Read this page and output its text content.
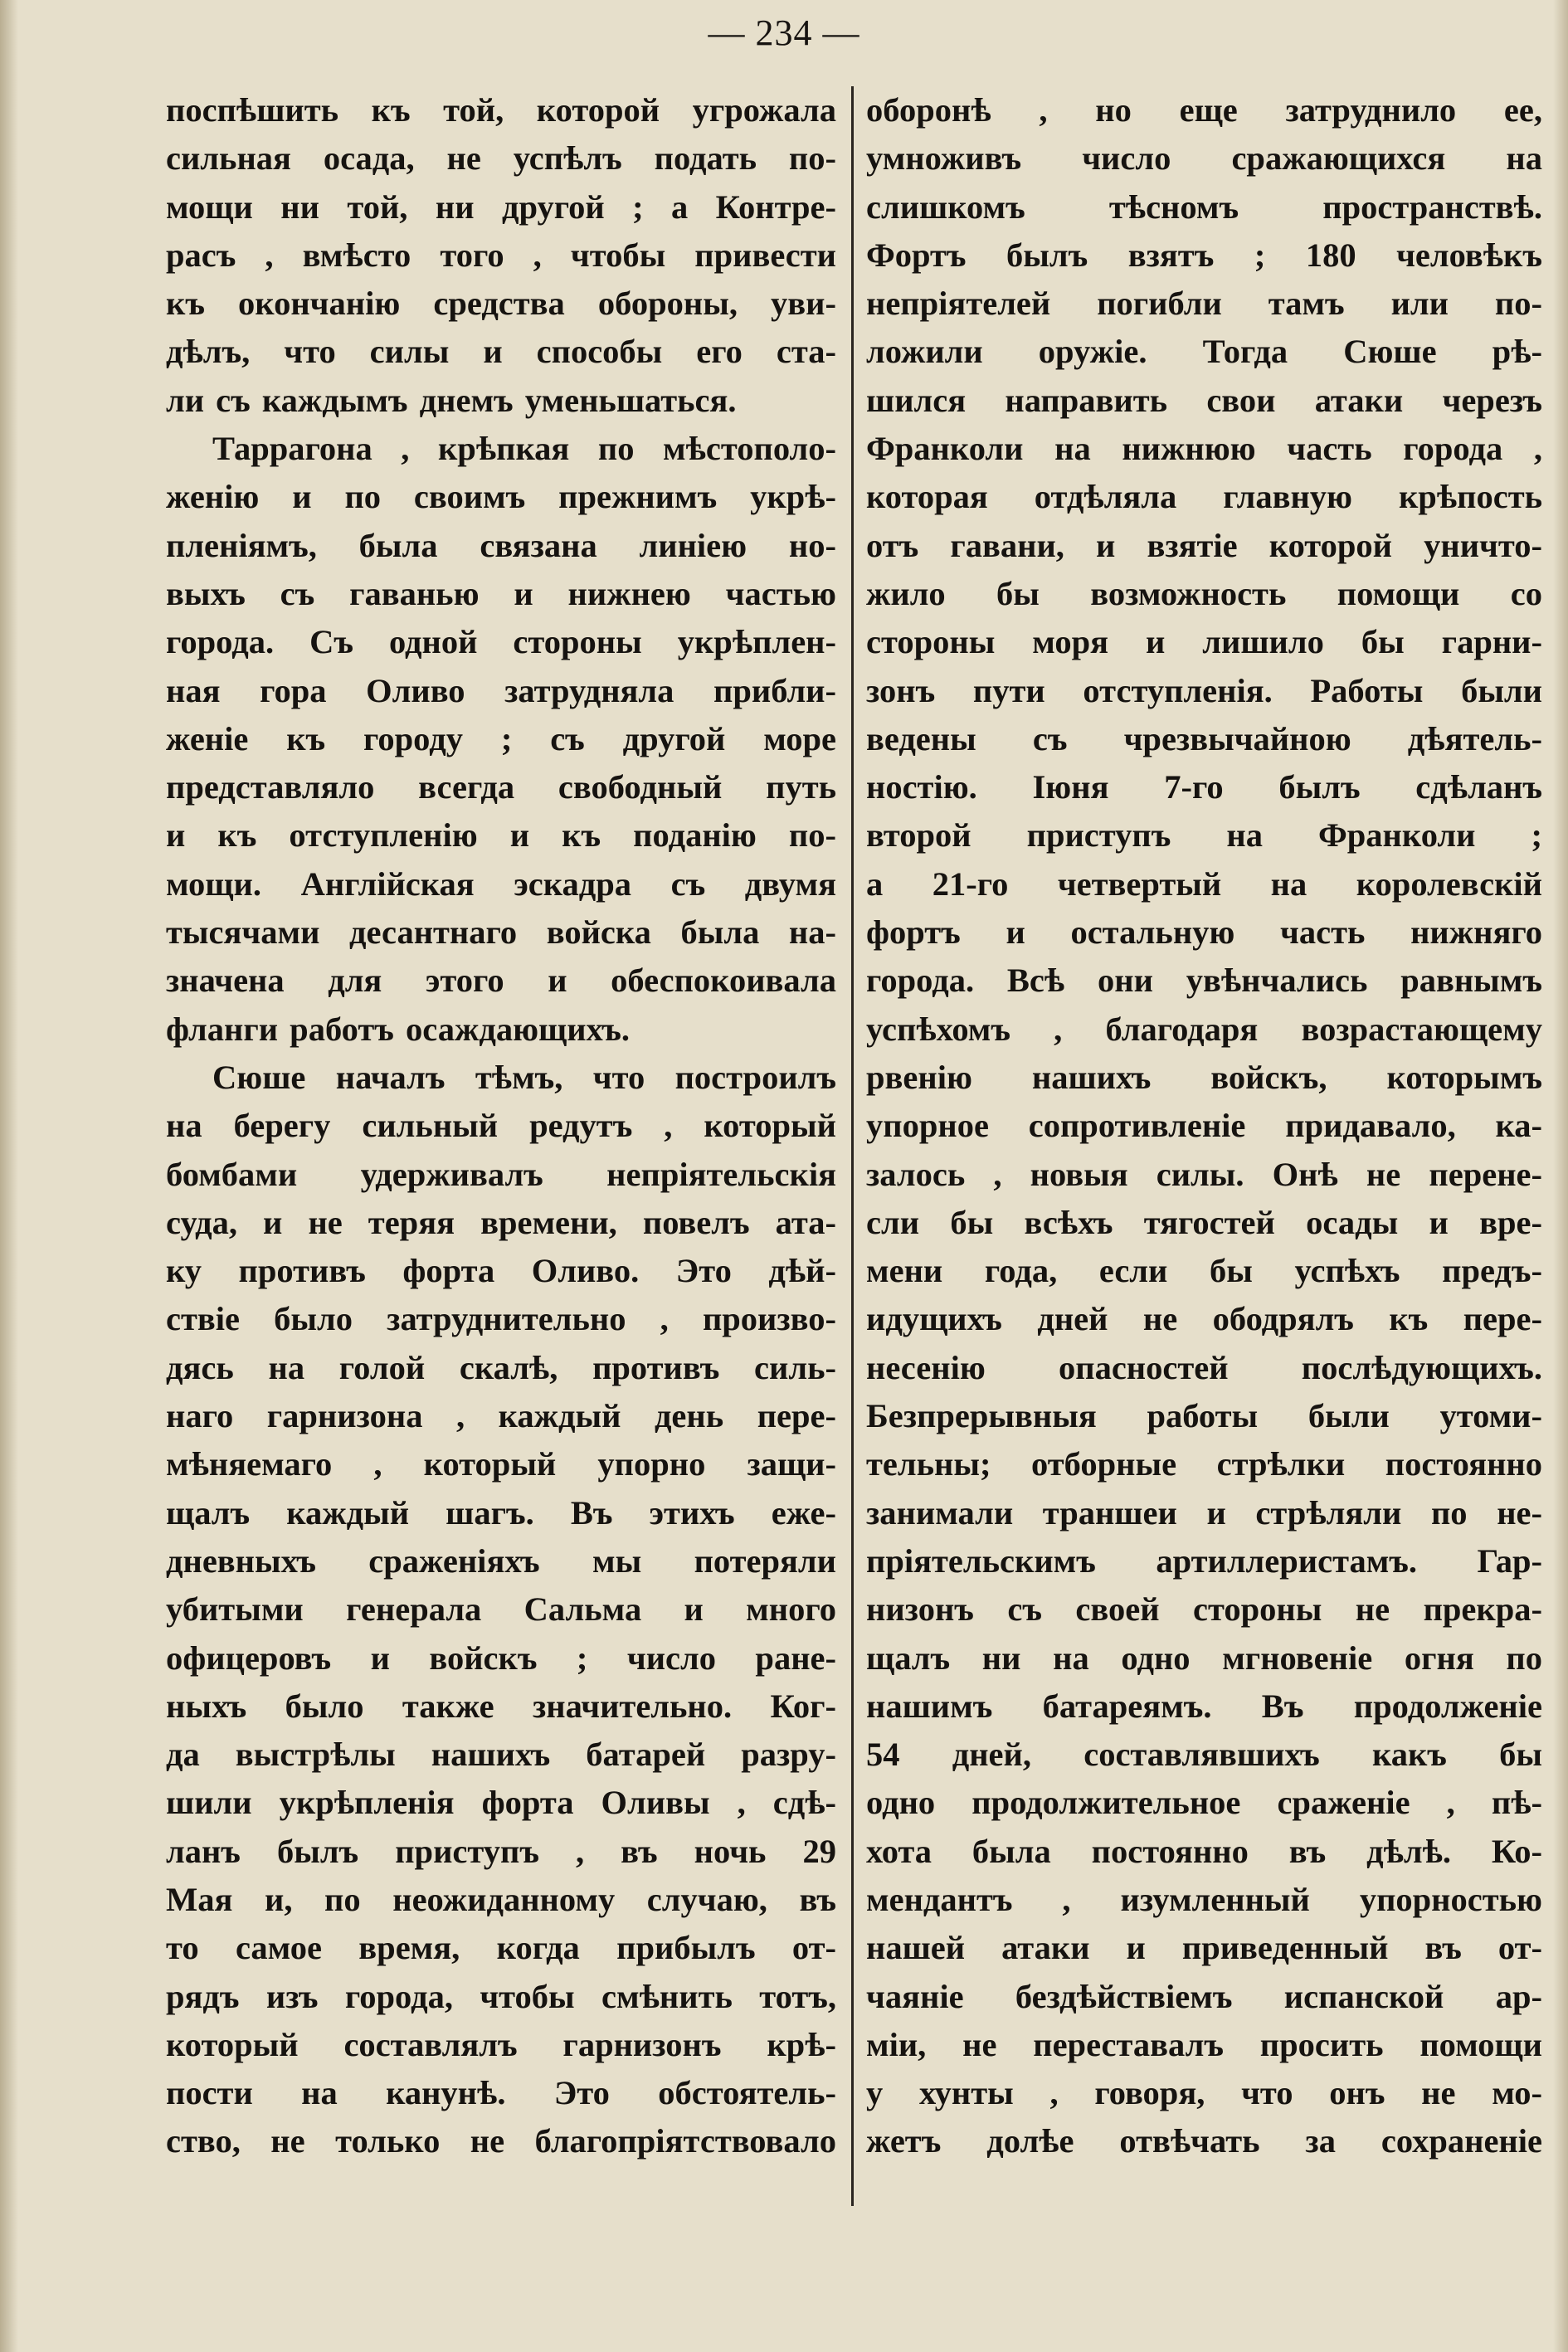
— 234 —
поспѣшить къ той, которой угрожала
сильная осада, не успѣлъ подать по-
мощи ни той, ни другой ; а Контре-
расъ , вмѣсто того , чтобы привести
къ окончанію средства обороны, уви-
дѣлъ, что силы и способы его ста-
ли съ каждымъ днемъ уменьшаться.
Таррагона , крѣпкая по мѣстополо-
женію и по своимъ прежнимъ укрѣ-
пленіямъ, была связана линіею но-
выхъ съ гаванью и нижнею частью
города. Съ одной стороны укрѣплен-
ная гора Оливо затрудняла прибли-
женіе къ городу ; съ другой море
представляло всегда свободный путь
и къ отступленію и къ поданію по-
мощи. Англійская эскадра съ двумя
тысячами десантнаго войска была на-
значена для этого и обеспокоивала
фланги работъ осаждающихъ.
Сюше началъ тѣмъ, что построилъ
на берегу сильный редутъ , который
бомбами удерживалъ непріятельскія
суда, и не теряя времени, повелъ ата-
ку противъ форта Оливо. Это дѣй-
ствіе было затруднительно , произво-
дясь на голой скалѣ, противъ силь-
наго гарнизона , каждый день пере-
мѣняемаго , который упорно защи-
щалъ каждый шагъ. Въ этихъ еже-
дневныхъ сраженіяхъ мы потеряли
убитыми генерала Сальма и много
офицеровъ и войскъ ; число ране-
ныхъ было также значительно. Ког-
да выстрѣлы нашихъ батарей разру-
шили укрѣпленія форта Оливы , сдѣ-
ланъ былъ приступъ , въ ночь 29
Мая и, по неожиданному случаю, въ
то самое время, когда прибылъ от-
рядъ изъ города, чтобы смѣнить тотъ,
который составлялъ гарнизонъ крѣ-
пости на канунѣ. Это обстоятель-
ство, не только не благопріятствовало
оборонѣ , но еще затруднило ее,
умноживъ число сражающихся на
слишкомъ тѣсномъ пространствѣ.
Фортъ былъ взятъ ; 180 человѣкъ
непріятелей погибли тамъ или по-
ложили оружіе. Тогда Сюше рѣ-
шился направить свои атаки черезъ
Франколи на нижнюю часть города ,
которая отдѣляла главную крѣпость
отъ гавани, и взятіе которой уничто-
жило бы возможность помощи со
стороны моря и лишило бы гарни-
зонъ пути отступленія. Работы были
ведены съ чрезвычайною дѣятель-
ностію. Іюня 7-го былъ сдѣланъ
второй приступъ на Франколи ;
а 21-го четвертый на королевскій
фортъ и остальную часть нижняго
города. Всѣ они увѣнчались равнымъ
успѣхомъ , благодаря возрастающему
рвенію нашихъ войскъ, которымъ
упорное сопротивленіе придавало, ка-
залось , новыя силы. Онѣ не перене-
сли бы всѣхъ тягостей осады и вре-
мени года, если бы успѣхъ предъ-
идущихъ дней не ободрялъ къ пере-
несенію опасностей послѣдующихъ.
Безпрерывныя работы были утоми-
тельны; отборные стрѣлки постоянно
занимали траншеи и стрѣляли по не-
пріятельскимъ артиллеристамъ. Гар-
низонъ съ своей стороны не прекра-
щалъ ни на одно мгновеніе огня по
нашимъ батареямъ. Въ продолженіе
54 дней, составлявшихъ какъ бы
одно продолжительное сраженіе , пѣ-
хота была постоянно въ дѣлѣ. Ко-
мендантъ , изумленный упорностью
нашей атаки и приведенный въ от-
чаяніе бездѣйствіемъ испанской ар-
міи, не переставалъ просить помощи
у хунты , говоря, что онъ не мо-
жетъ долѣе отвѣчать за сохраненіе
